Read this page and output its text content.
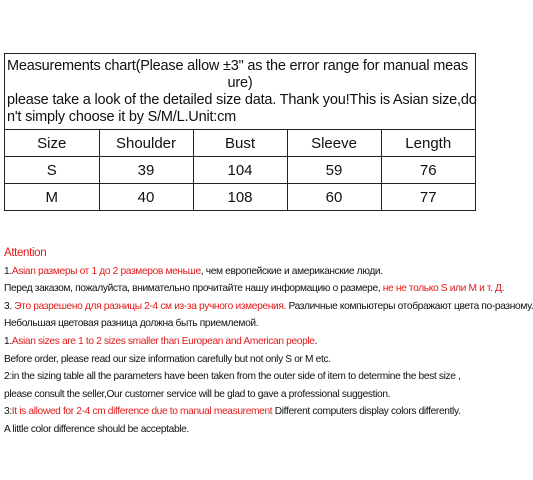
Measurements chart(Please allow ±3" as the error range for manual meas
ure)
please take a look of the detailed size data. Thank you!This is Asian size,do
n't simply choose it by S/M/L.Unit:cm
Size	Shoulder	Bust	Sleeve	Length
S	39	104	59	76
M	40	108	60	77
Attention
1.Asian размеры от 1 до 2 размеров меньше, чем европейские и американские люди.
Перед заказом, пожалуйста, внимательно прочитайте нашу информацию о размере, не не только S или M и т. Д.
3. Это разрешено для разницы 2-4 см из-за ручного измерения. Различные компьютеры отображают цвета по-разному.
Небольшая цветовая разница должна быть приемлемой.
1.Asian sizes are 1 to 2 sizes smaller than European and American people.
Before order, please read our size information carefully but not only S or M etc.
2:in the sizing table all the parameters have been taken from the outer side of item to determine the best size ,
please consult the seller,Our customer service will be glad to gave a professional suggestion.
3:It is allowed for 2-4 cm difference due to manual measurement Different computers display colors differently.
A little color difference should be acceptable.
